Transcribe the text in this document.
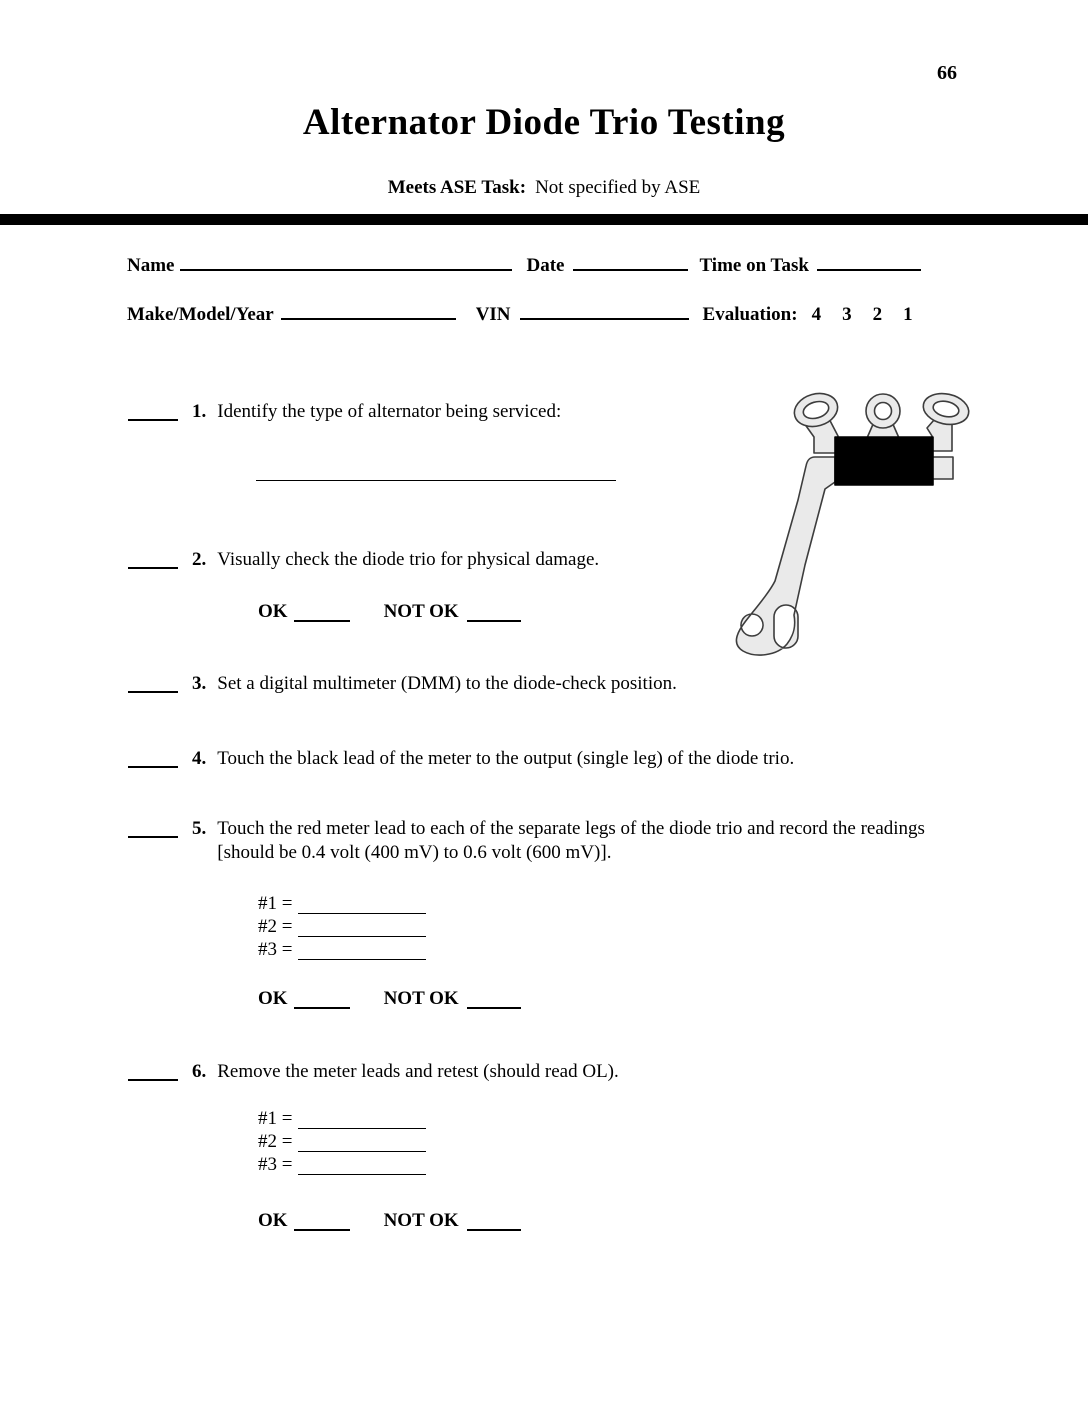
66
Alternator Diode Trio Testing
Meets ASE Task: Not specified by ASE
Name	Date	Time on Task
Make/Model/Year	VIN	Evaluation: 4 3 2 1
1. Identify the type of alternator being serviced:
2. Visually check the diode trio for physical damage.
OK	NOT OK
3. Set a digital multimeter (DMM) to the diode-check position.
4. Touch the black lead of the meter to the output (single leg) of the diode trio.
5. Touch the red meter lead to each of the separate legs of the diode trio and record the readings [should be 0.4 volt (400 mV) to 0.6 volt (600 mV)].
#1 =
#2 =
#3 =
OK	NOT OK
6. Remove the meter leads and retest (should read OL).
#1 =
#2 =
#3 =
OK	NOT OK
